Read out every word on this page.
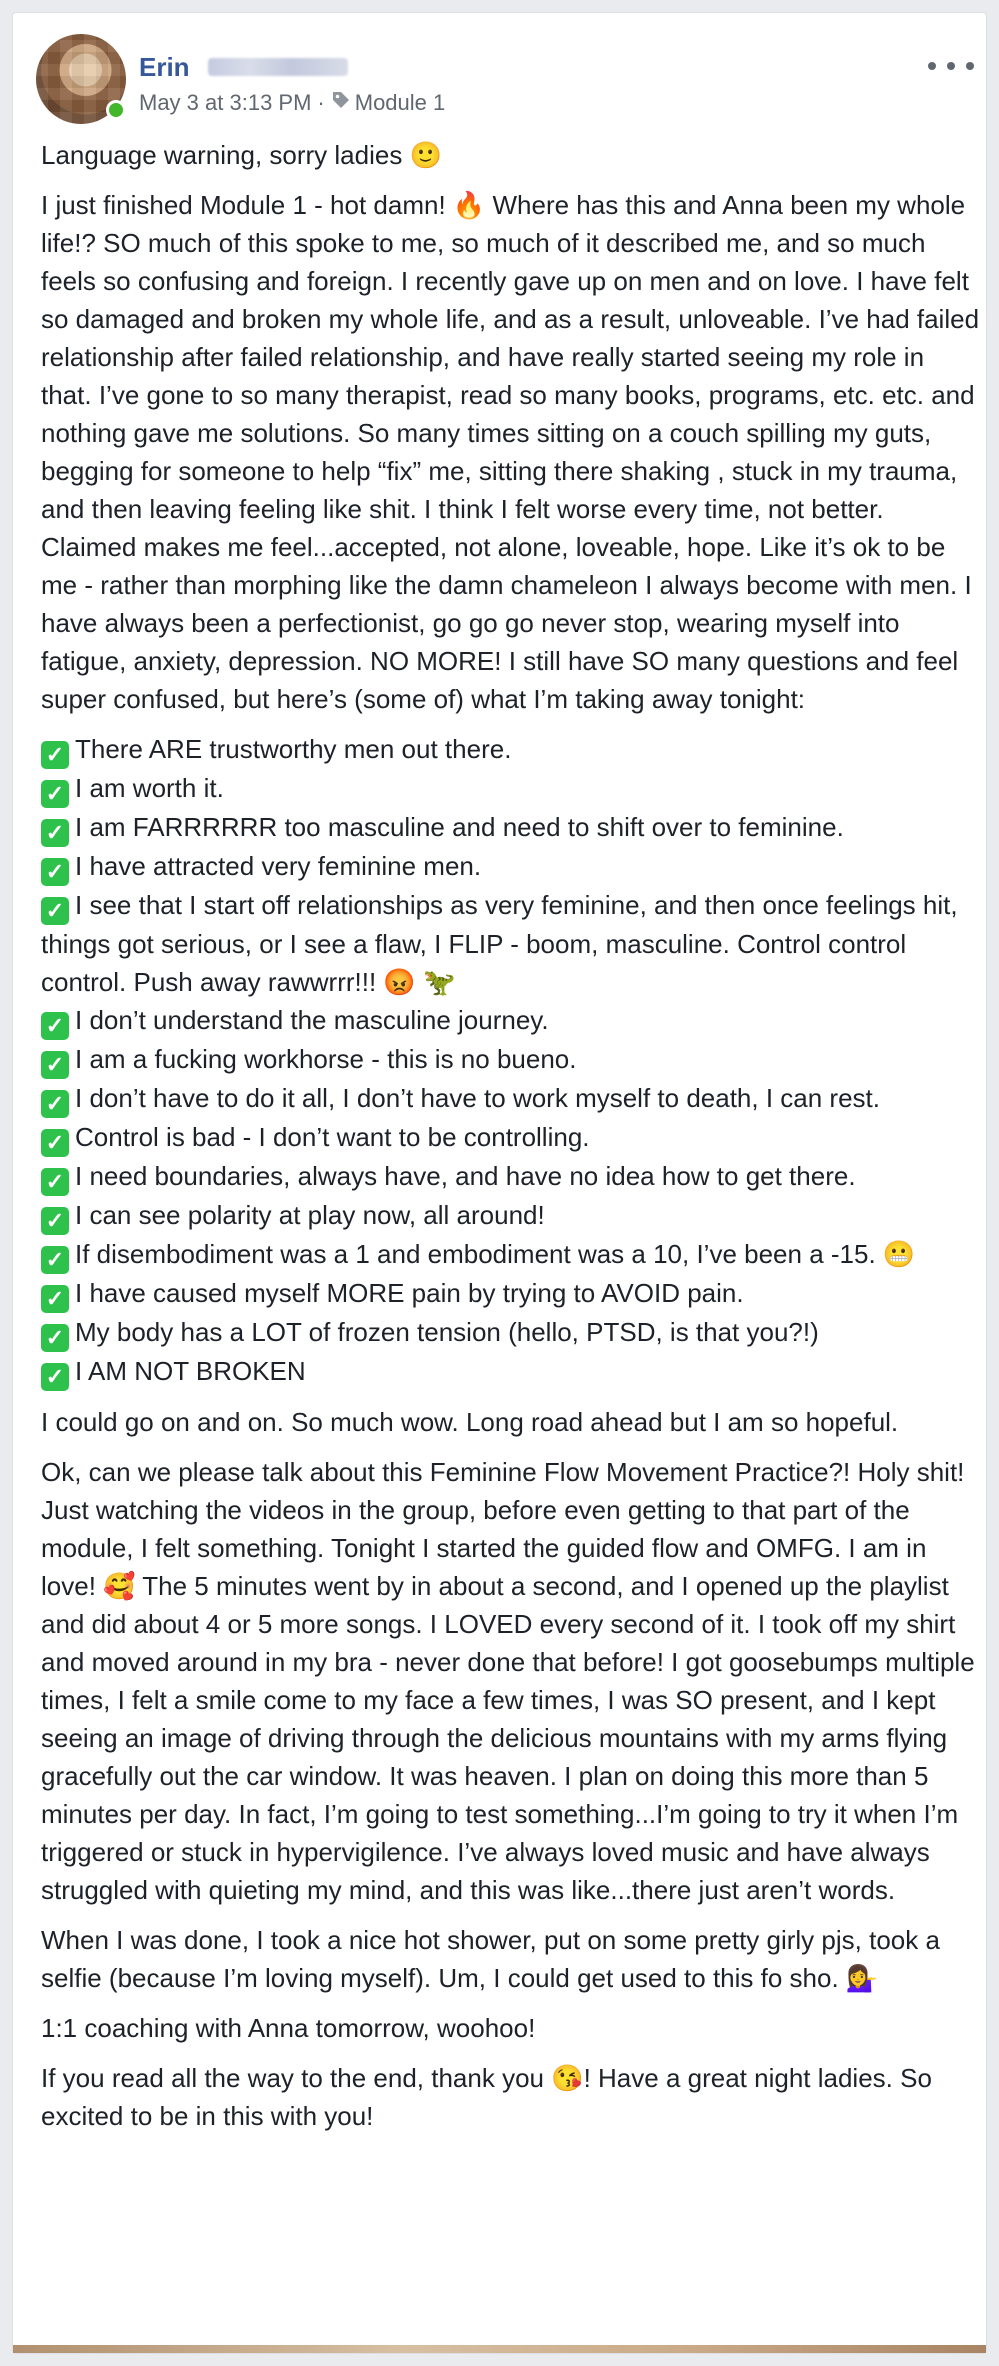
Erin
May 3 at 3:13 PM · Module 1

Language warning, sorry ladies 🙂

I just finished Module 1 - hot damn! 🔥 Where has this and Anna been my whole life!? SO much of this spoke to me, so much of it described me, and so much feels so confusing and foreign. I recently gave up on men and on love. I have felt so damaged and broken my whole life, and as a result, unloveable. I’ve had failed relationship after failed relationship, and have really started seeing my role in that. I’ve gone to so many therapist, read so many books, programs, etc. etc. and nothing gave me solutions. So many times sitting on a couch spilling my guts, begging for someone to help “fix” me, sitting there shaking , stuck in my trauma, and then leaving feeling like shit. I think I felt worse every time, not better. Claimed makes me feel...accepted, not alone, loveable, hope. Like it’s ok to be me - rather than morphing like the damn chameleon I always become with men. I have always been a perfectionist, go go go never stop, wearing myself into fatigue, anxiety, depression. NO MORE! I still have SO many questions and feel super confused, but here’s (some of) what I’m taking away tonight:

✓ There ARE trustworthy men out there.
✓ I am worth it.
✓ I am FARRRRRR too masculine and need to shift over to feminine.
✓ I have attracted very feminine men.
✓ I see that I start off relationships as very feminine, and then once feelings hit, things got serious, or I see a flaw, I FLIP - boom, masculine. Control control control. Push away rawwrrr!!! 😡 🦖
✓ I don’t understand the masculine journey.
✓ I am a fucking workhorse - this is no bueno.
✓ I don’t have to do it all, I don’t have to work myself to death, I can rest.
✓ Control is bad - I don’t want to be controlling.
✓ I need boundaries, always have, and have no idea how to get there.
✓ I can see polarity at play now, all around!
✓ If disembodiment was a 1 and embodiment was a 10, I’ve been a -15. 😬
✓ I have caused myself MORE pain by trying to AVOID pain.
✓ My body has a LOT of frozen tension (hello, PTSD, is that you?!)
✓ I AM NOT BROKEN

I could go on and on. So much wow. Long road ahead but I am so hopeful.

Ok, can we please talk about this Feminine Flow Movement Practice?! Holy shit! Just watching the videos in the group, before even getting to that part of the module, I felt something. Tonight I started the guided flow and OMFG. I am in love! 🥰 The 5 minutes went by in about a second, and I opened up the playlist and did about 4 or 5 more songs. I LOVED every second of it. I took off my shirt and moved around in my bra - never done that before! I got goosebumps multiple times, I felt a smile come to my face a few times, I was SO present, and I kept seeing an image of driving through the delicious mountains with my arms flying gracefully out the car window. It was heaven. I plan on doing this more than 5 minutes per day. In fact, I’m going to test something...I’m going to try it when I’m triggered or stuck in hypervigilence. I’ve always loved music and have always struggled with quieting my mind, and this was like...there just aren’t words.

When I was done, I took a nice hot shower, put on some pretty girly pjs, took a selfie (because I’m loving myself). Um, I could get used to this fo sho. 💁‍♀️

1:1 coaching with Anna tomorrow, woohoo!

If you read all the way to the end, thank you 😘! Have a great night ladies. So excited to be in this with you!
